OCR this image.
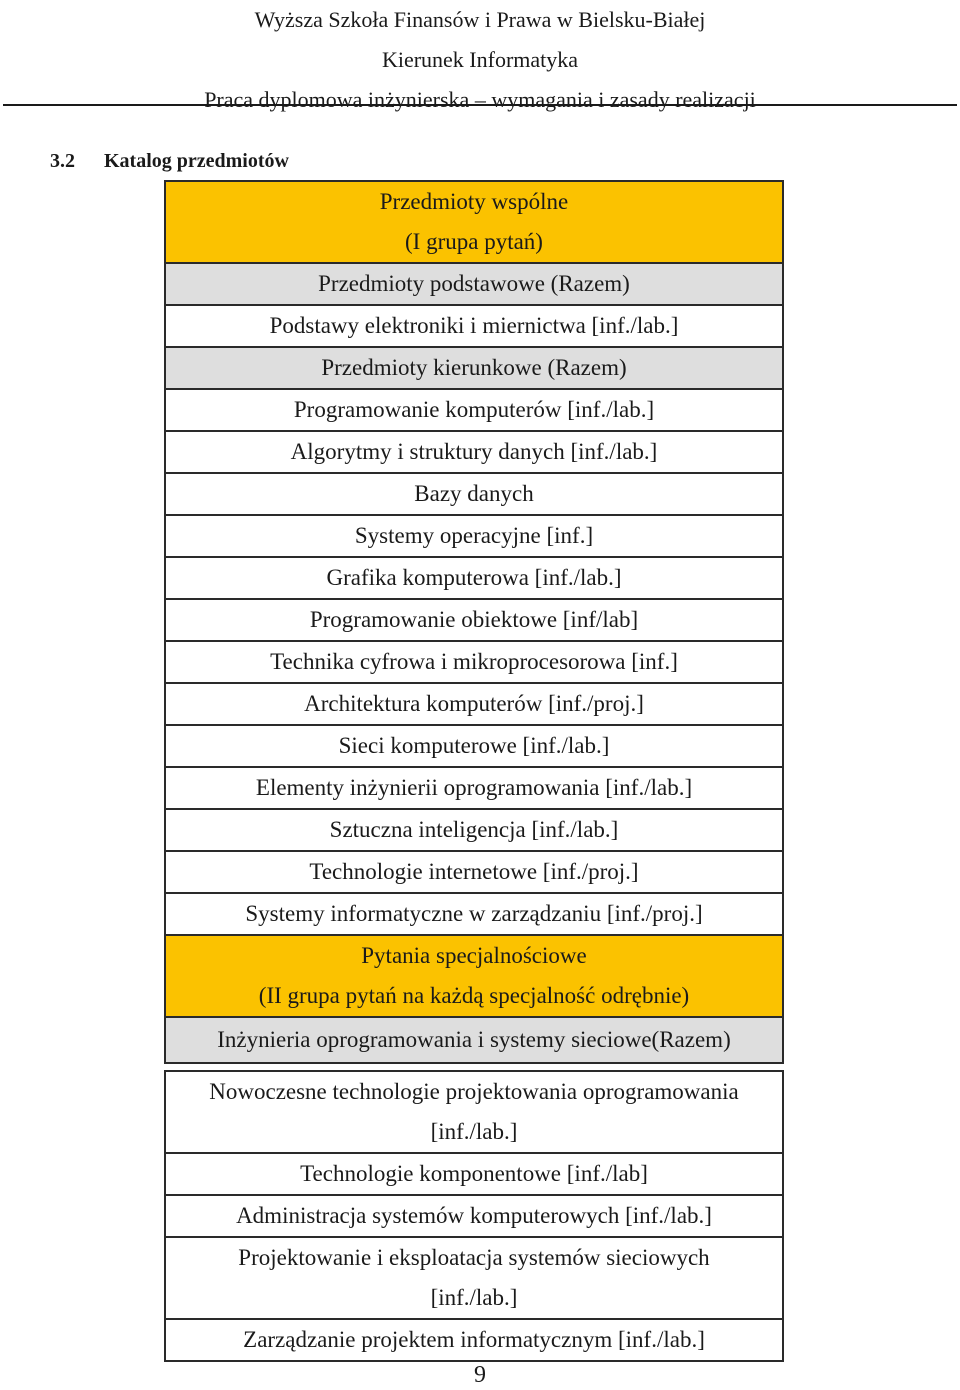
Wyższa Szkoła Finansów i Prawa w Bielsku-Białej
Kierunek Informatyka
Praca dyplomowa inżynierska – wymagania i zasady realizacji
3.2 Katalog przedmiotów
Przedmioty wspólne
(I grupa pytań)

Przedmioty podstawowe (Razem)
Podstawy elektroniki i miernictwa [inf./lab.]
Przedmioty kierunkowe (Razem)
Programowanie komputerów [inf./lab.]
Algorytmy i struktury danych [inf./lab.]
Bazy danych
Systemy operacyjne [inf.]
Grafika komputerowa [inf./lab.]
Programowanie obiektowe [inf/lab]
Technika cyfrowa i mikroprocesorowa [inf.]
Architektura komputerów [inf./proj.]
Sieci komputerowe [inf./lab.]
Elementy inżynierii oprogramowania [inf./lab.]
Sztuczna inteligencja [inf./lab.]
Technologie internetowe [inf./proj.]
Systemy informatyczne w zarządzaniu [inf./proj.]

Pytania specjalnościowe
(II grupa pytań na każdą specjalność odrębnie)

Inżynieria oprogramowania i systemy sieciowe(Razem)

Nowoczesne technologie projektowania oprogramowania
[inf./lab.]

Technologie komponentowe [inf./lab]
Administracja systemów komputerowych [inf./lab.]

Projektowanie i eksploatacja systemów sieciowych
[inf./lab.]

Zarządzanie projektem informatycznym [inf./lab.]
9
